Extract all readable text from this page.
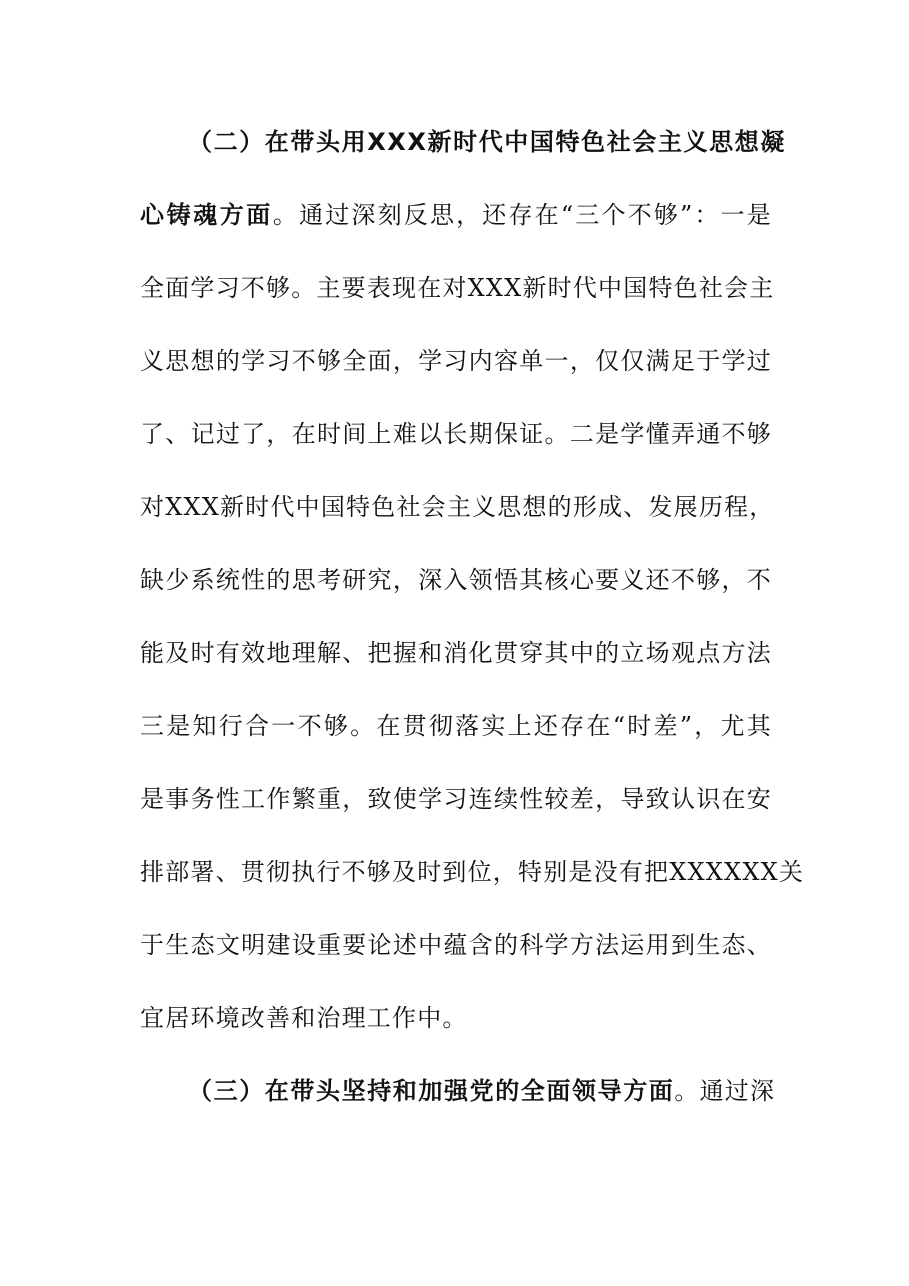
（二）在带头用XXX新时代中国特色社会主义思想凝
心铸魂方面。通过深刻反思，还存在“三个不够”：一是
全面学习不够。主要表现在对XXX新时代中国特色社会主
义思想的学习不够全面，学习内容单一，仅仅满足于学过
了、记过了，在时间上难以长期保证。二是学懂弄通不够
对XXX新时代中国特色社会主义思想的形成、发展历程，
缺少系统性的思考研究，深入领悟其核心要义还不够，不
能及时有效地理解、把握和消化贯穿其中的立场观点方法
三是知行合一不够。在贯彻落实上还存在“时差”，尤其
是事务性工作繁重，致使学习连续性较差，导致认识在安
排部署、贯彻执行不够及时到位，特别是没有把XXXXXX关
于生态文明建设重要论述中蕴含的科学方法运用到生态、
宜居环境改善和治理工作中。
（三）在带头坚持和加强党的全面领导方面。通过深
